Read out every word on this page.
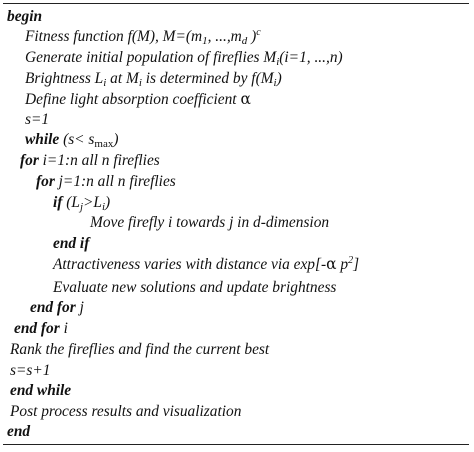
begin
Fitness function f(M), M=(m1, ...,md )$^c$
Generate initial population of fireflies Mi(i=1, ...,n)
Brightness Li at Mi is determined by f(Mi)
Define light absorption coefficient α
s=1
while (s< smax)
for i=1:n all n fireflies
for j=1:n all n fireflies
if (Lj>Li)
Move firefly i towards j in d-dimension
end if
Attractiveness varies with distance via exp[-α $p^2$]
Evaluate new solutions and update brightness
end for j
end for i
Rank the fireflies and find the current best
s=s+1
end while
Post process results and visualization
end
